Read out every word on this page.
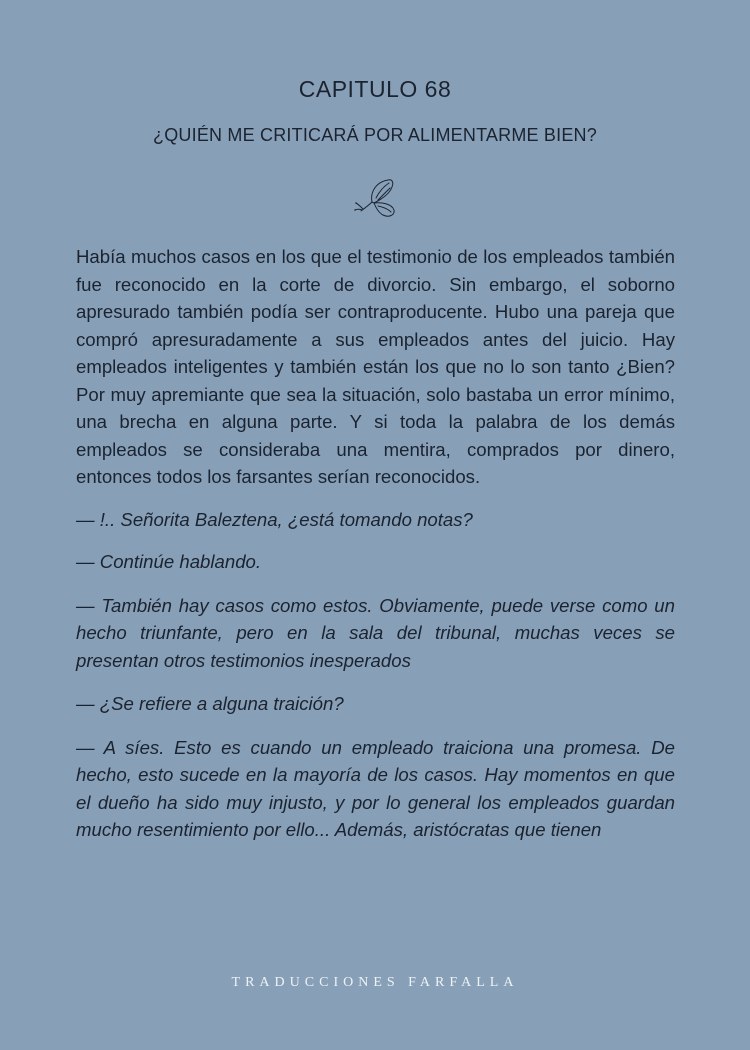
CAPITULO 68
¿QUIÉN ME CRITICARÁ POR ALIMENTARME BIEN?

Había muchos casos en los que el testimonio de los empleados también fue reconocido en la corte de divorcio. Sin embargo, el soborno apresurado también podía ser contraproducente. Hubo una pareja que compró apresuradamente a sus empleados antes del juicio. Hay empleados inteligentes y también están los que no lo son tanto ¿Bien? Por muy apremiante que sea la situación, solo bastaba un error mínimo, una brecha en alguna parte. Y si toda la palabra de los demás empleados se consideraba una mentira, comprados por dinero, entonces todos los farsantes serían reconocidos.

— !.. Señorita Baleztena, ¿está tomando notas?

— Continúe hablando.

— También hay casos como estos. Obviamente, puede verse como un hecho triunfante, pero en la sala del tribunal, muchas veces se presentan otros testimonios inesperados

— ¿Se refiere a alguna traición?

— A síes. Esto es cuando un empleado traiciona una promesa. De hecho, esto sucede en la mayoría de los casos. Hay momentos en que el dueño ha sido muy injusto, y por lo general los empleados guardan mucho resentimiento por ello... Además, aristócratas que tienen

TRADUCCIONES FARFALLA
